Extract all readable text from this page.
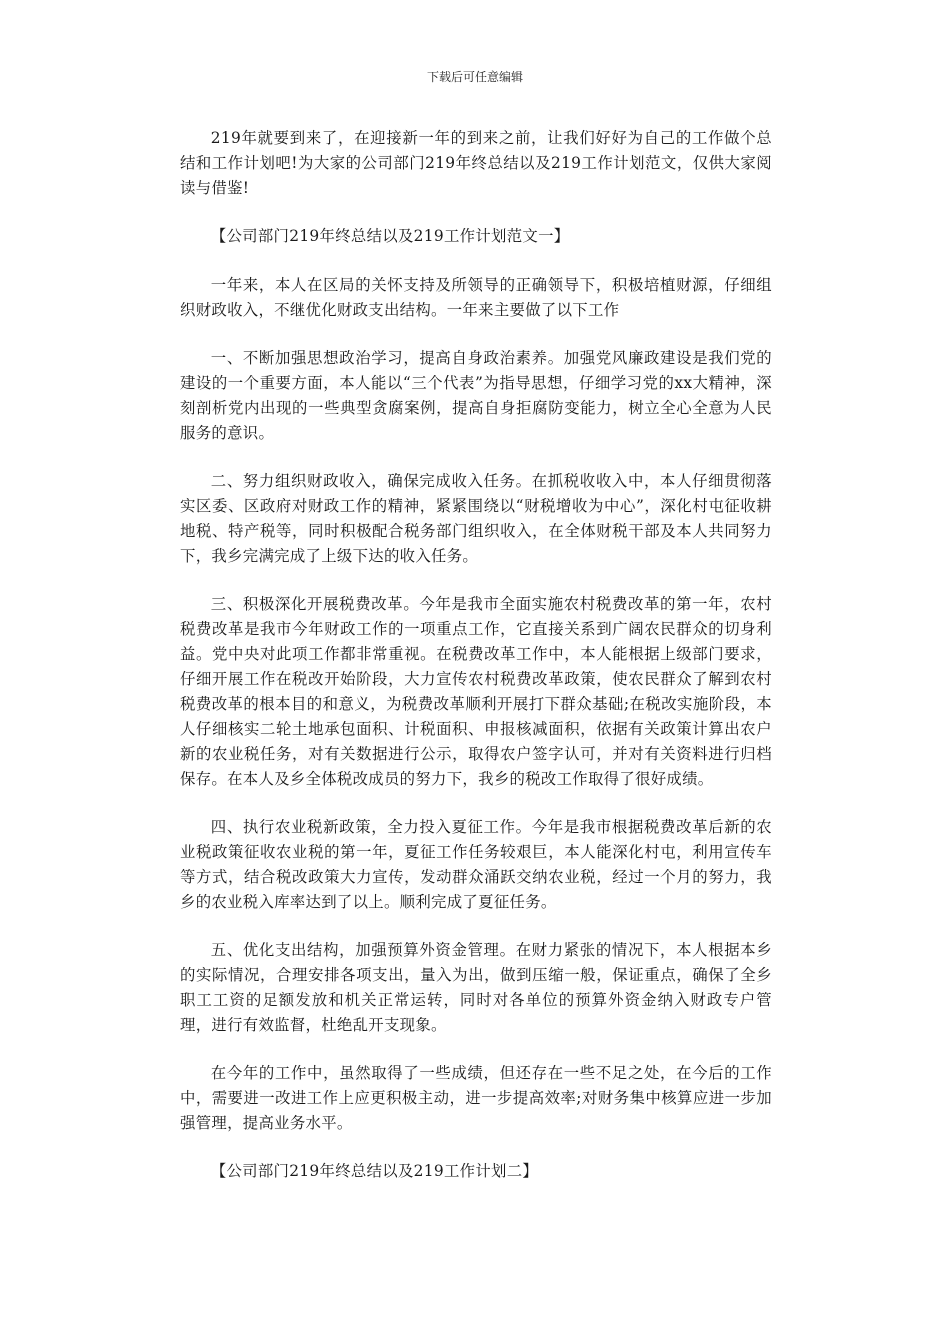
下载后可任意编辑

219年就要到来了，在迎接新一年的到来之前，让我们好好为自己的工作做个总结和工作计划吧!为大家的公司部门219年终总结以及219工作计划范文，仅供大家阅读与借鉴!

【公司部门219年终总结以及219工作计划范文一】

一年来，本人在区局的关怀支持及所领导的正确领导下，积极培植财源，仔细组织财政收入，不继优化财政支出结构。一年来主要做了以下工作

一、不断加强思想政治学习，提高自身政治素养。加强党风廉政建设是我们党的建设的一个重要方面，本人能以“三个代表”为指导思想，仔细学习党的xx大精神，深刻剖析党内出现的一些典型贪腐案例，提高自身拒腐防变能力，树立全心全意为人民服务的意识。

二、努力组织财政收入，确保完成收入任务。在抓税收收入中，本人仔细贯彻落实区委、区政府对财政工作的精神，紧紧围绕以“财税增收为中心”，深化村屯征收耕地税、特产税等，同时积极配合税务部门组织收入，在全体财税干部及本人共同努力下，我乡完满完成了上级下达的收入任务。

三、积极深化开展税费改革。今年是我市全面实施农村税费改革的第一年，农村税费改革是我市今年财政工作的一项重点工作，它直接关系到广阔农民群众的切身利益。党中央对此项工作都非常重视。在税费改革工作中，本人能根据上级部门要求，仔细开展工作在税改开始阶段，大力宣传农村税费改革政策，使农民群众了解到农村税费改革的根本目的和意义，为税费改革顺利开展打下群众基础;在税改实施阶段，本人仔细核实二轮土地承包面积、计税面积、申报核减面积，依据有关政策计算出农户新的农业税任务，对有关数据进行公示，取得农户签字认可，并对有关资料进行归档保存。在本人及乡全体税改成员的努力下，我乡的税改工作取得了很好成绩。

四、执行农业税新政策，全力投入夏征工作。今年是我市根据税费改革后新的农业税政策征收农业税的第一年，夏征工作任务较艰巨，本人能深化村屯，利用宣传车等方式，结合税改政策大力宣传，发动群众涌跃交纳农业税，经过一个月的努力，我乡的农业税入库率达到了以上。顺利完成了夏征任务。

五、优化支出结构，加强预算外资金管理。在财力紧张的情况下，本人根据本乡的实际情况，合理安排各项支出，量入为出，做到压缩一般，保证重点，确保了全乡职工工资的足额发放和机关正常运转，同时对各单位的预算外资金纳入财政专户管理，进行有效监督，杜绝乱开支现象。

在今年的工作中，虽然取得了一些成绩，但还存在一些不足之处，在今后的工作中，需要进一改进工作上应更积极主动，进一步提高效率;对财务集中核算应进一步加强管理，提高业务水平。

【公司部门219年终总结以及219工作计划二】
